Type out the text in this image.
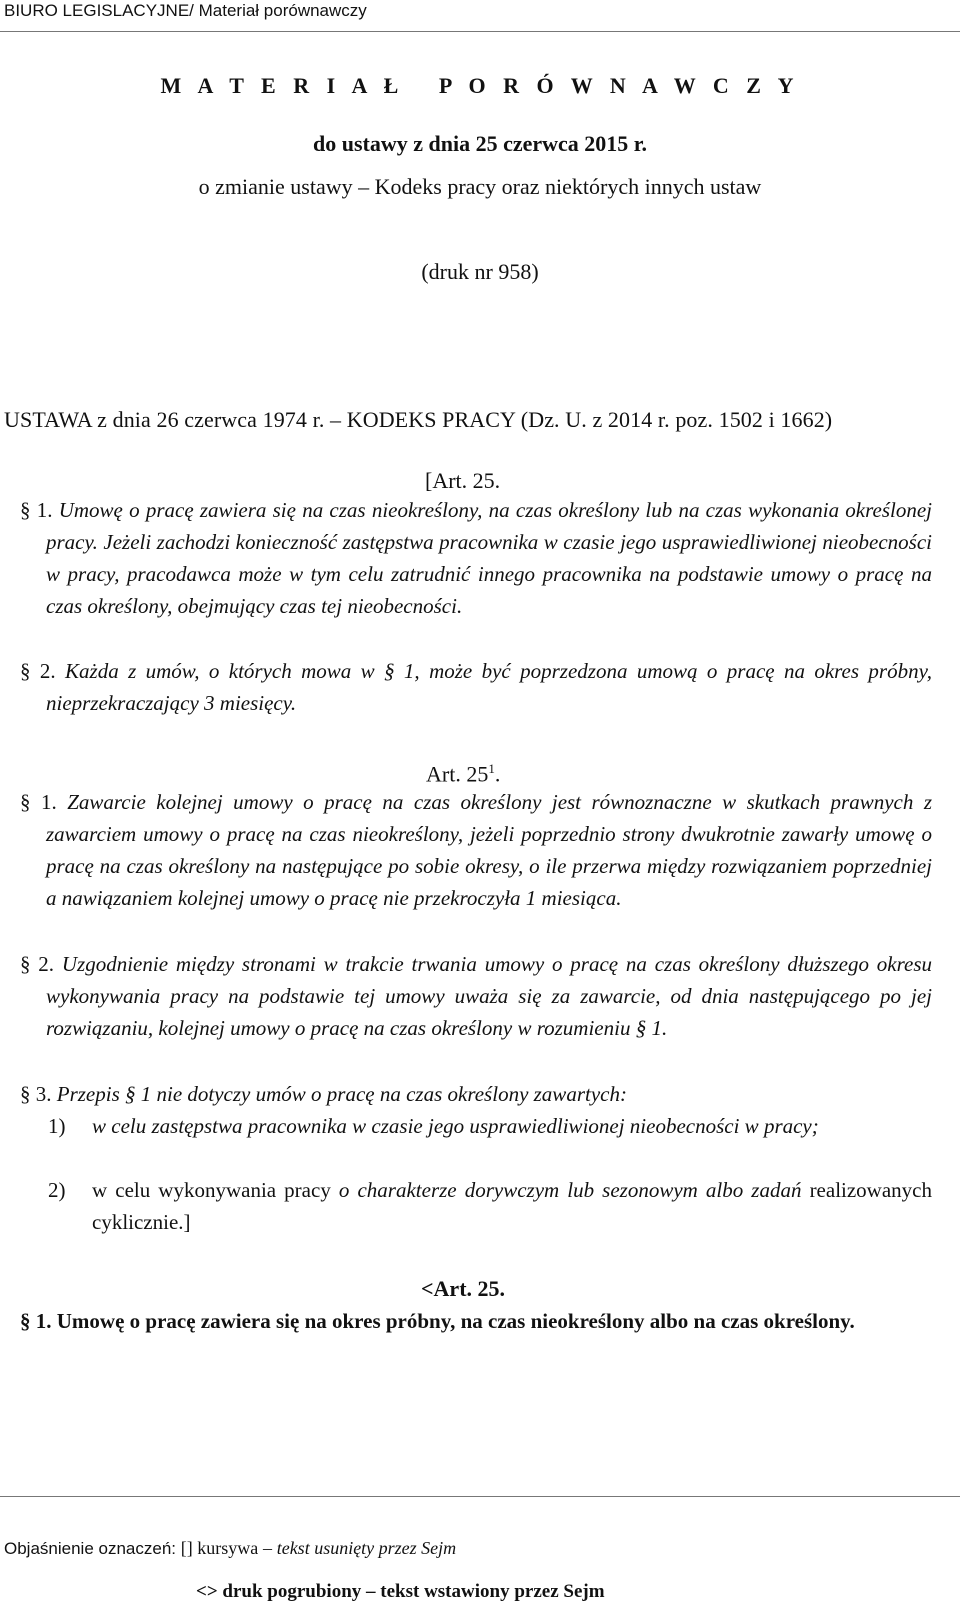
BIURO LEGISLACYJNE/ Materiał porównawczy
M A T E R I A Ł   P O R Ó W N A W C Z Y
do ustawy z dnia 25 czerwca 2015 r.
o zmianie ustawy – Kodeks pracy oraz niektórych innych ustaw
(druk nr 958)
USTAWA z dnia 26 czerwca 1974 r. – KODEKS PRACY (Dz. U. z 2014 r. poz. 1502 i 1662)
[Art. 25.
§ 1. Umowę o pracę zawiera się na czas nieokreślony, na czas określony lub na czas wykonania określonej pracy. Jeżeli zachodzi konieczność zastępstwa pracownika w czasie jego usprawiedliwionej nieobecności w pracy, pracodawca może w tym celu zatrudnić innego pracownika na podstawie umowy o pracę na czas określony, obejmujący czas tej nieobecności.
§ 2. Każda z umów, o których mowa w § 1, może być poprzedzona umową o pracę na okres próbny, nieprzekraczający 3 miesięcy.
Art. $25^1$.
§ 1. Zawarcie kolejnej umowy o pracę na czas określony jest równoznaczne w skutkach prawnych z zawarciem umowy o pracę na czas nieokreślony, jeżeli poprzednio strony dwukrotnie zawarły umowę o pracę na czas określony na następujące po sobie okresy, o ile przerwa między rozwiązaniem poprzedniej a nawiązaniem kolejnej umowy o pracę nie przekroczyła 1 miesiąca.
§ 2. Uzgodnienie między stronami w trakcie trwania umowy o pracę na czas określony dłuższego okresu wykonywania pracy na podstawie tej umowy uważa się za zawarcie, od dnia następującego po jej rozwiązaniu, kolejnej umowy o pracę na czas określony w rozumieniu § 1.
§ 3. Przepis § 1 nie dotyczy umów o pracę na czas określony zawartych:
1)	w celu zastępstwa pracownika w czasie jego usprawiedliwionej nieobecności w pracy;
2)	w celu wykonywania pracy o charakterze dorywczym lub sezonowym albo zadań realizowanych cyklicznie.]
<Art. 25.
§ 1. Umowę o pracę zawiera się na okres próbny, na czas nieokreślony albo na czas określony.
Objaśnienie oznaczeń: [] kursywa – tekst usunięty przez Sejm
<> druk pogrubiony – tekst wstawiony przez Sejm
